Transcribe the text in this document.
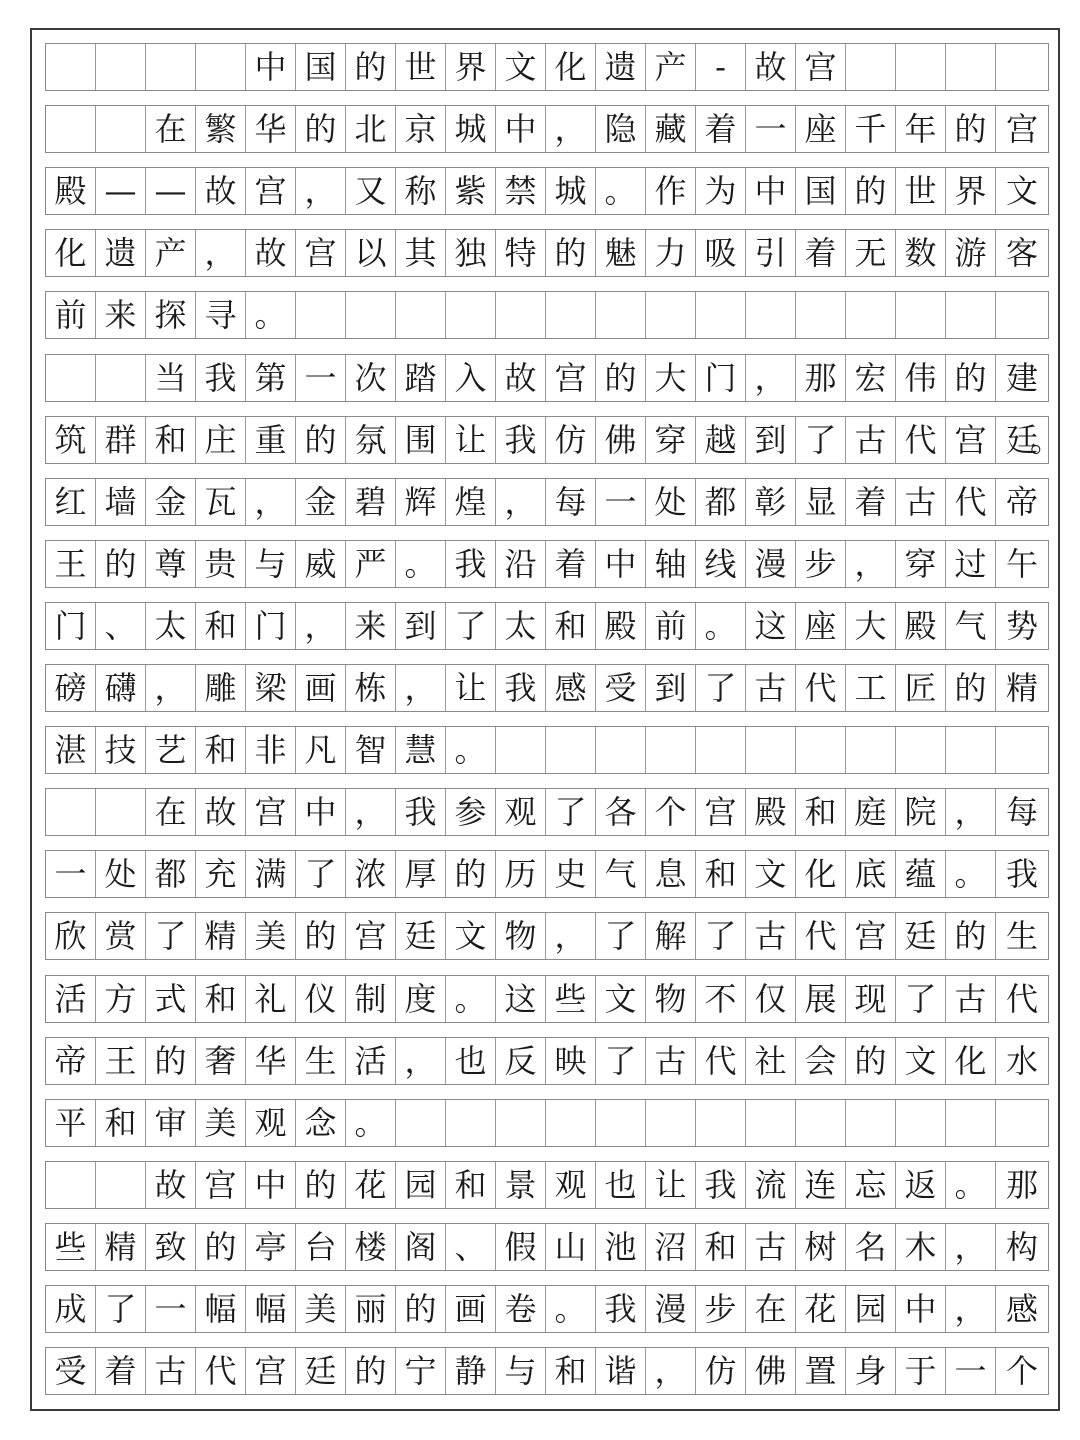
中 国 的 世 界 文 化 遗 产 - 故 宫
在 繁 华 的 北 京 城 中 ， 隐 藏 着 一 座 千 年 的 宫
殿 — — 故 宫 ， 又 称 紫 禁 城 。 作 为 中 国 的 世 界 文
化 遗 产 ， 故 宫 以 其 独 特 的 魅 力 吸 引 着 无 数 游 客
前 来 探 寻 。
当 我 第 一 次 踏 入 故 宫 的 大 门 ， 那 宏 伟 的 建
筑 群 和 庄 重 的 氛 围 让 我 仿 佛 穿 越 到 了 古 代 宫 廷
。
红 墙 金 瓦 ， 金 碧 辉 煌 ， 每 一 处 都 彰 显 着 古 代 帝
王 的 尊 贵 与 威 严 。 我 沿 着 中 轴 线 漫 步 ， 穿 过 午
门 、 太 和 门 ， 来 到 了 太 和 殿 前 。 这 座 大 殿 气 势
磅 礴 ， 雕 梁 画 栋 ， 让 我 感 受 到 了 古 代 工 匠 的 精
湛 技 艺 和 非 凡 智 慧 。
在 故 宫 中 ， 我 参 观 了 各 个 宫 殿 和 庭 院 ， 每
一 处 都 充 满 了 浓 厚 的 历 史 气 息 和 文 化 底 蕴 。 我
欣 赏 了 精 美 的 宫 廷 文 物 ， 了 解 了 古 代 宫 廷 的 生
活 方 式 和 礼 仪 制 度 。 这 些 文 物 不 仅 展 现 了 古 代
帝 王 的 奢 华 生 活 ， 也 反 映 了 古 代 社 会 的 文 化 水
平 和 审 美 观 念 。
故 宫 中 的 花 园 和 景 观 也 让 我 流 连 忘 返 。 那
些 精 致 的 亭 台 楼 阁 、 假 山 池 沼 和 古 树 名 木 ， 构
成 了 一 幅 幅 美 丽 的 画 卷 。 我 漫 步 在 花 园 中 ， 感
受 着 古 代 宫 廷 的 宁 静 与 和 谐 ， 仿 佛 置 身 于 一 个
